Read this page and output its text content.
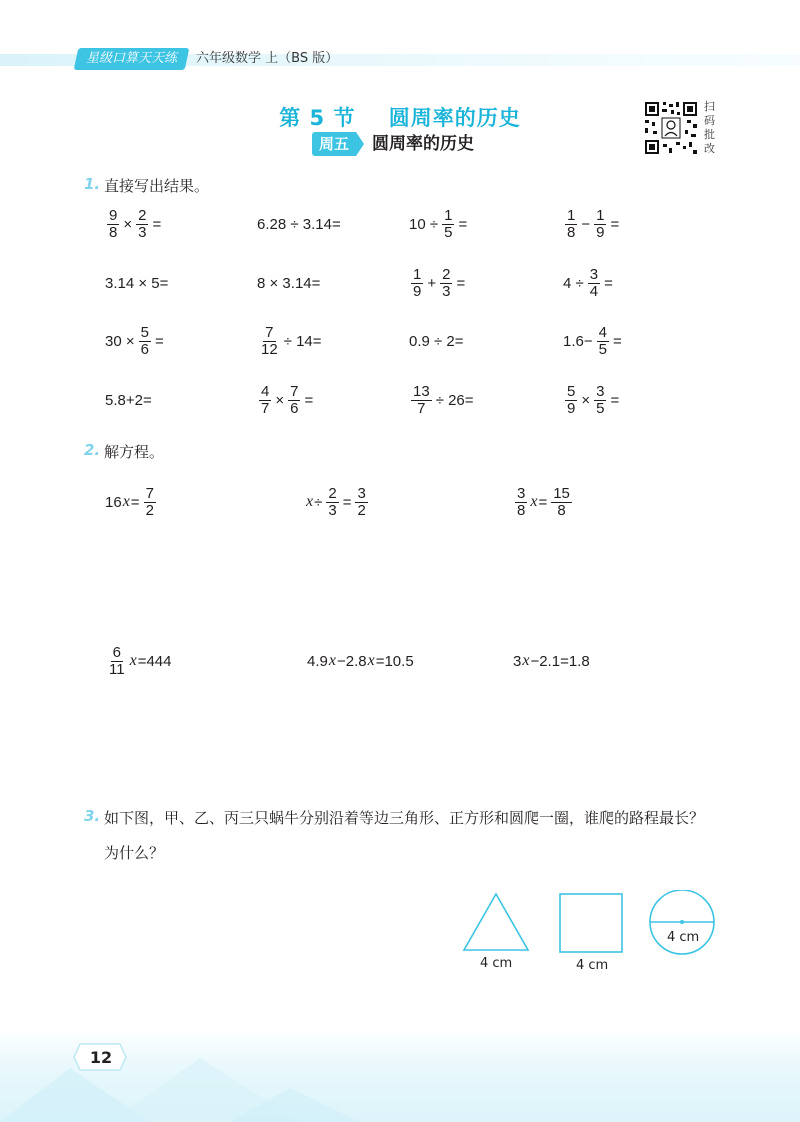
星级口算天天练	六年级数学 上（BS 版）
第 5 节    圆周率的历史
周五	圆周率的历史
扫码批改
1. 直接写出结果。
$\frac{9}{8} \times \frac{2}{3}$ =	6.28 ÷ 3.14=	$10 \div \frac{1}{5}$ =	$\frac{1}{8} - \frac{1}{9}$ =
3.14 × 5=	8 × 3.14=	$\frac{1}{9} + \frac{2}{3}$ =	$4 \div \frac{3}{4}$ =
$30 \times \frac{5}{6}$ =	$\frac{7}{12} \div 14=$	0.9 ÷ 2=	$1.6- \frac{4}{5}$ =
5.8+2=	$\frac{4}{7} \times \frac{7}{6}$ =	$\frac{13}{7} \div 26=$	$\frac{5}{9} \times \frac{3}{5}$ =
2. 解方程。
16 $x = \frac{7}{2}$	$x \div \frac{2}{3} = \frac{3}{2}$	$\frac{3}{8}$ $x = \frac{15}{8}$
$\frac{6}{11}$ x =444	4.9 x −2.8 x =10.5	3 x −2.1=1.8
3. 如下图，甲、乙、丙三只蜗牛分别沿着等边三角形、正方形和圆爬一圈，谁爬的路程最长？
为什么？
4 cm	4 cm
4 cm
12
